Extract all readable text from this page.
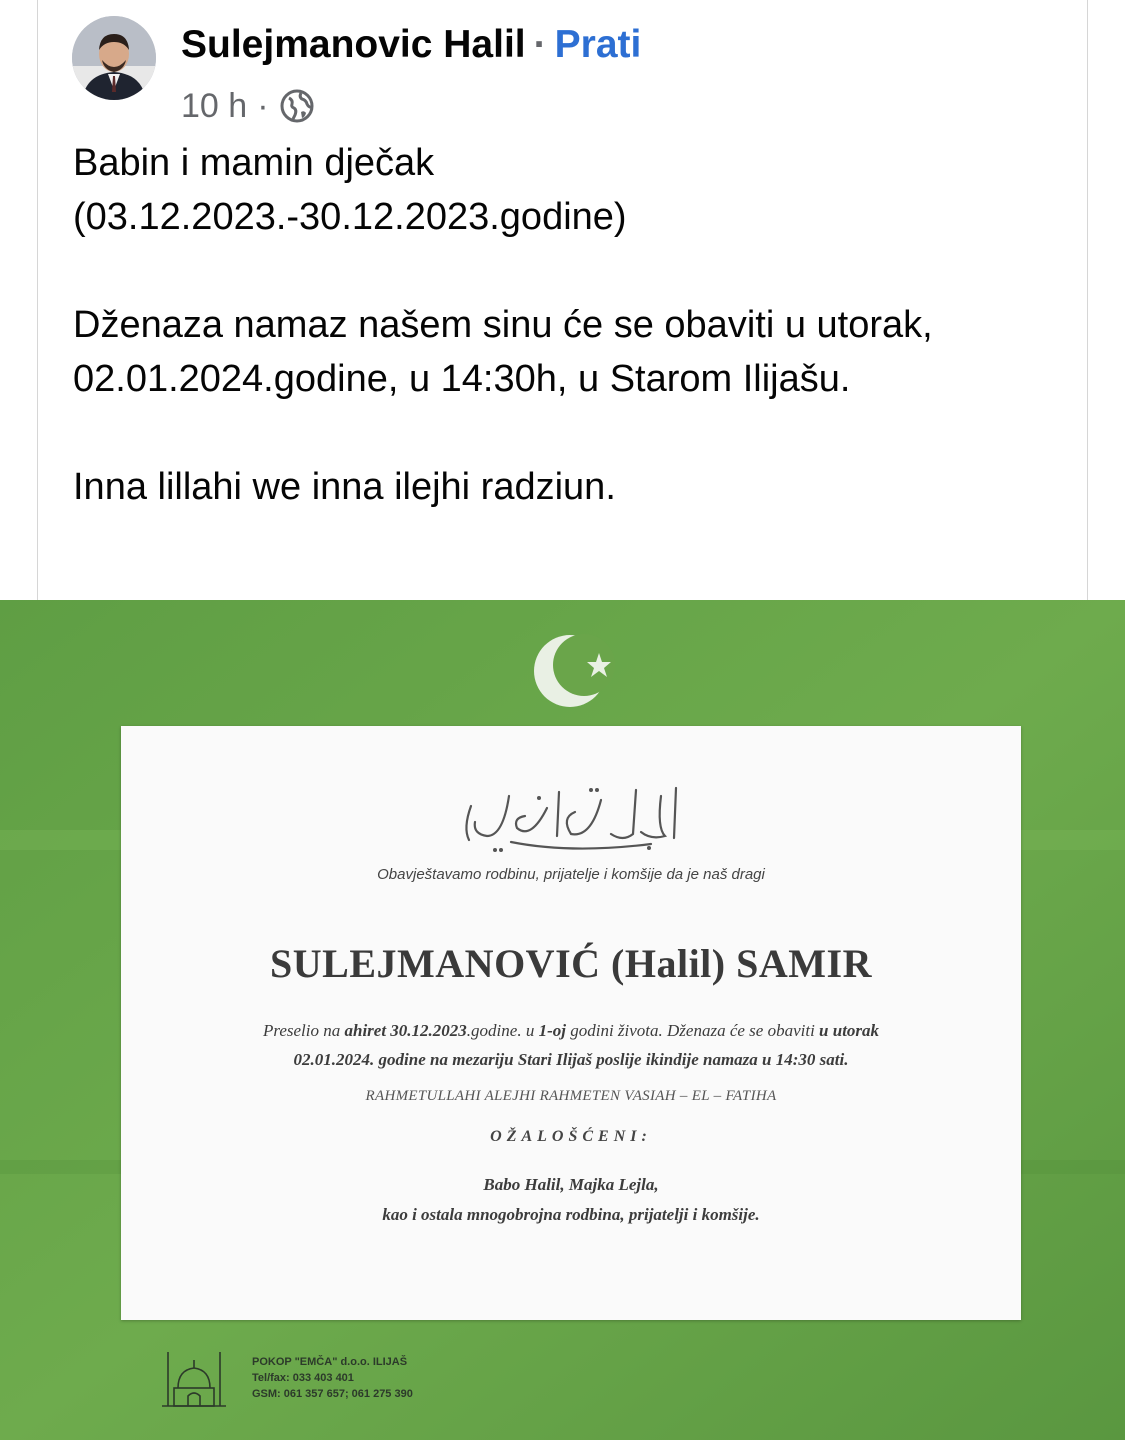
Sulejmanovic Halil · Prati
10 h ·

Babin i mamin dječak

(03.12.2023.-30.12.2023.godine)

Dženaza namaz našem sinu će se obaviti u utorak, 02.01.2024.godine, u 14:30h, u Starom Ilijašu.

Inna lillahi we inna ilejhi radziun.

Obavještavamo rodbinu, prijatelje i komšije da je naš dragi
SULEJMANOVIĆ (Halil) SAMIR
Preselio na ahiret 30.12.2023.godine. u 1-oj godini života. Dženaza će se obaviti u utorak
02.01.2024. godine na mezariju Stari Ilijaš poslije ikindije namaza u 14:30 sati.
RAHMETULLAHI ALEJHI RAHMETEN VASIAH – EL – FATIHA
OŽALOŠĆENI:
Babo Halil, Majka Lejla,
kao i ostala mnogobrojna rodbina, prijatelji i komšije.
POKOP "EMČA" d.o.o. ILIJAŠ
Tel/fax: 033 403 401
GSM: 061 357 657; 061 275 390
